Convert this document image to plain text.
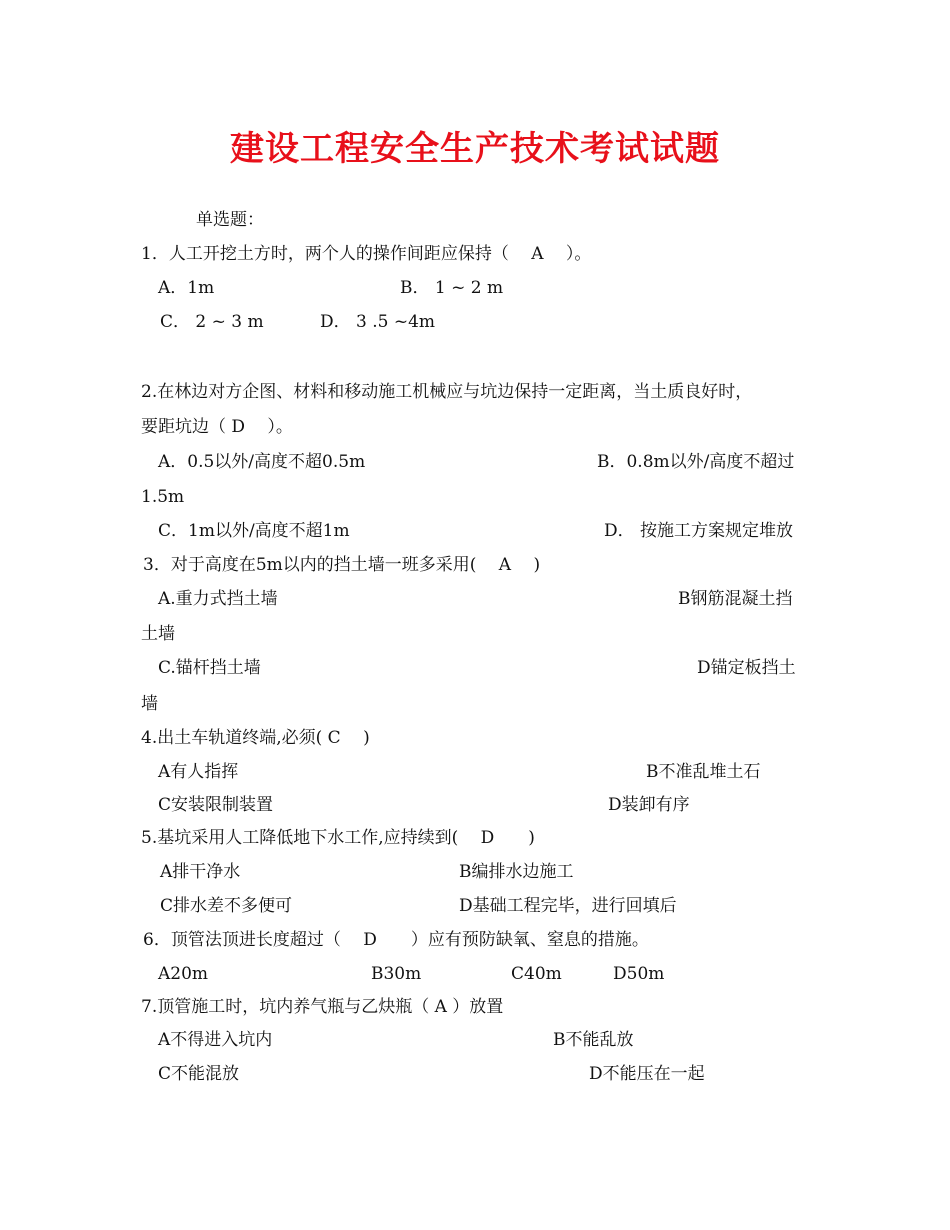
建设工程安全生产技术考试试题
单选题：
1．人工开挖土方时，两个人的操作间距应保持（　 A　 ）。
A．1m	B． 1 ~ 2 m
C． 2 ~ 3 m	D． 3 .5 ~4m
2.在林边对方企图、材料和移动施工机械应与坑边保持一定距离，当土质良好时，
要距坑边（ D　 ）。
A．0.5以外/高度不超0.5m	B．0.8m以外/高度不超过
1.5m
C．1m以外/高度不超1m	D． 按施工方案规定堆放
3．对于高度在5m以内的挡土墙一班多采用(　 A　 )
A.重力式挡土墙	B钢筋混凝土挡
土墙
C.锚杆挡土墙	D锚定板挡土
墙
4.出土车轨道终端,必须( C　 )
A有人指挥	B不准乱堆土石
C安装限制装置	D装卸有序
5.基坑采用人工降低地下水工作,应持续到(　 D　　)
A排干净水	B编排水边施工
C排水差不多便可	D基础工程完毕，进行回填后
6．顶管法顶进长度超过（　 D　　）应有预防缺氧、窒息的措施。
A20m	B30m	C40m	D50m
7.顶管施工时，坑内养气瓶与乙炔瓶（ A ）放置
A不得进入坑内	B不能乱放
C不能混放	D不能压在一起
